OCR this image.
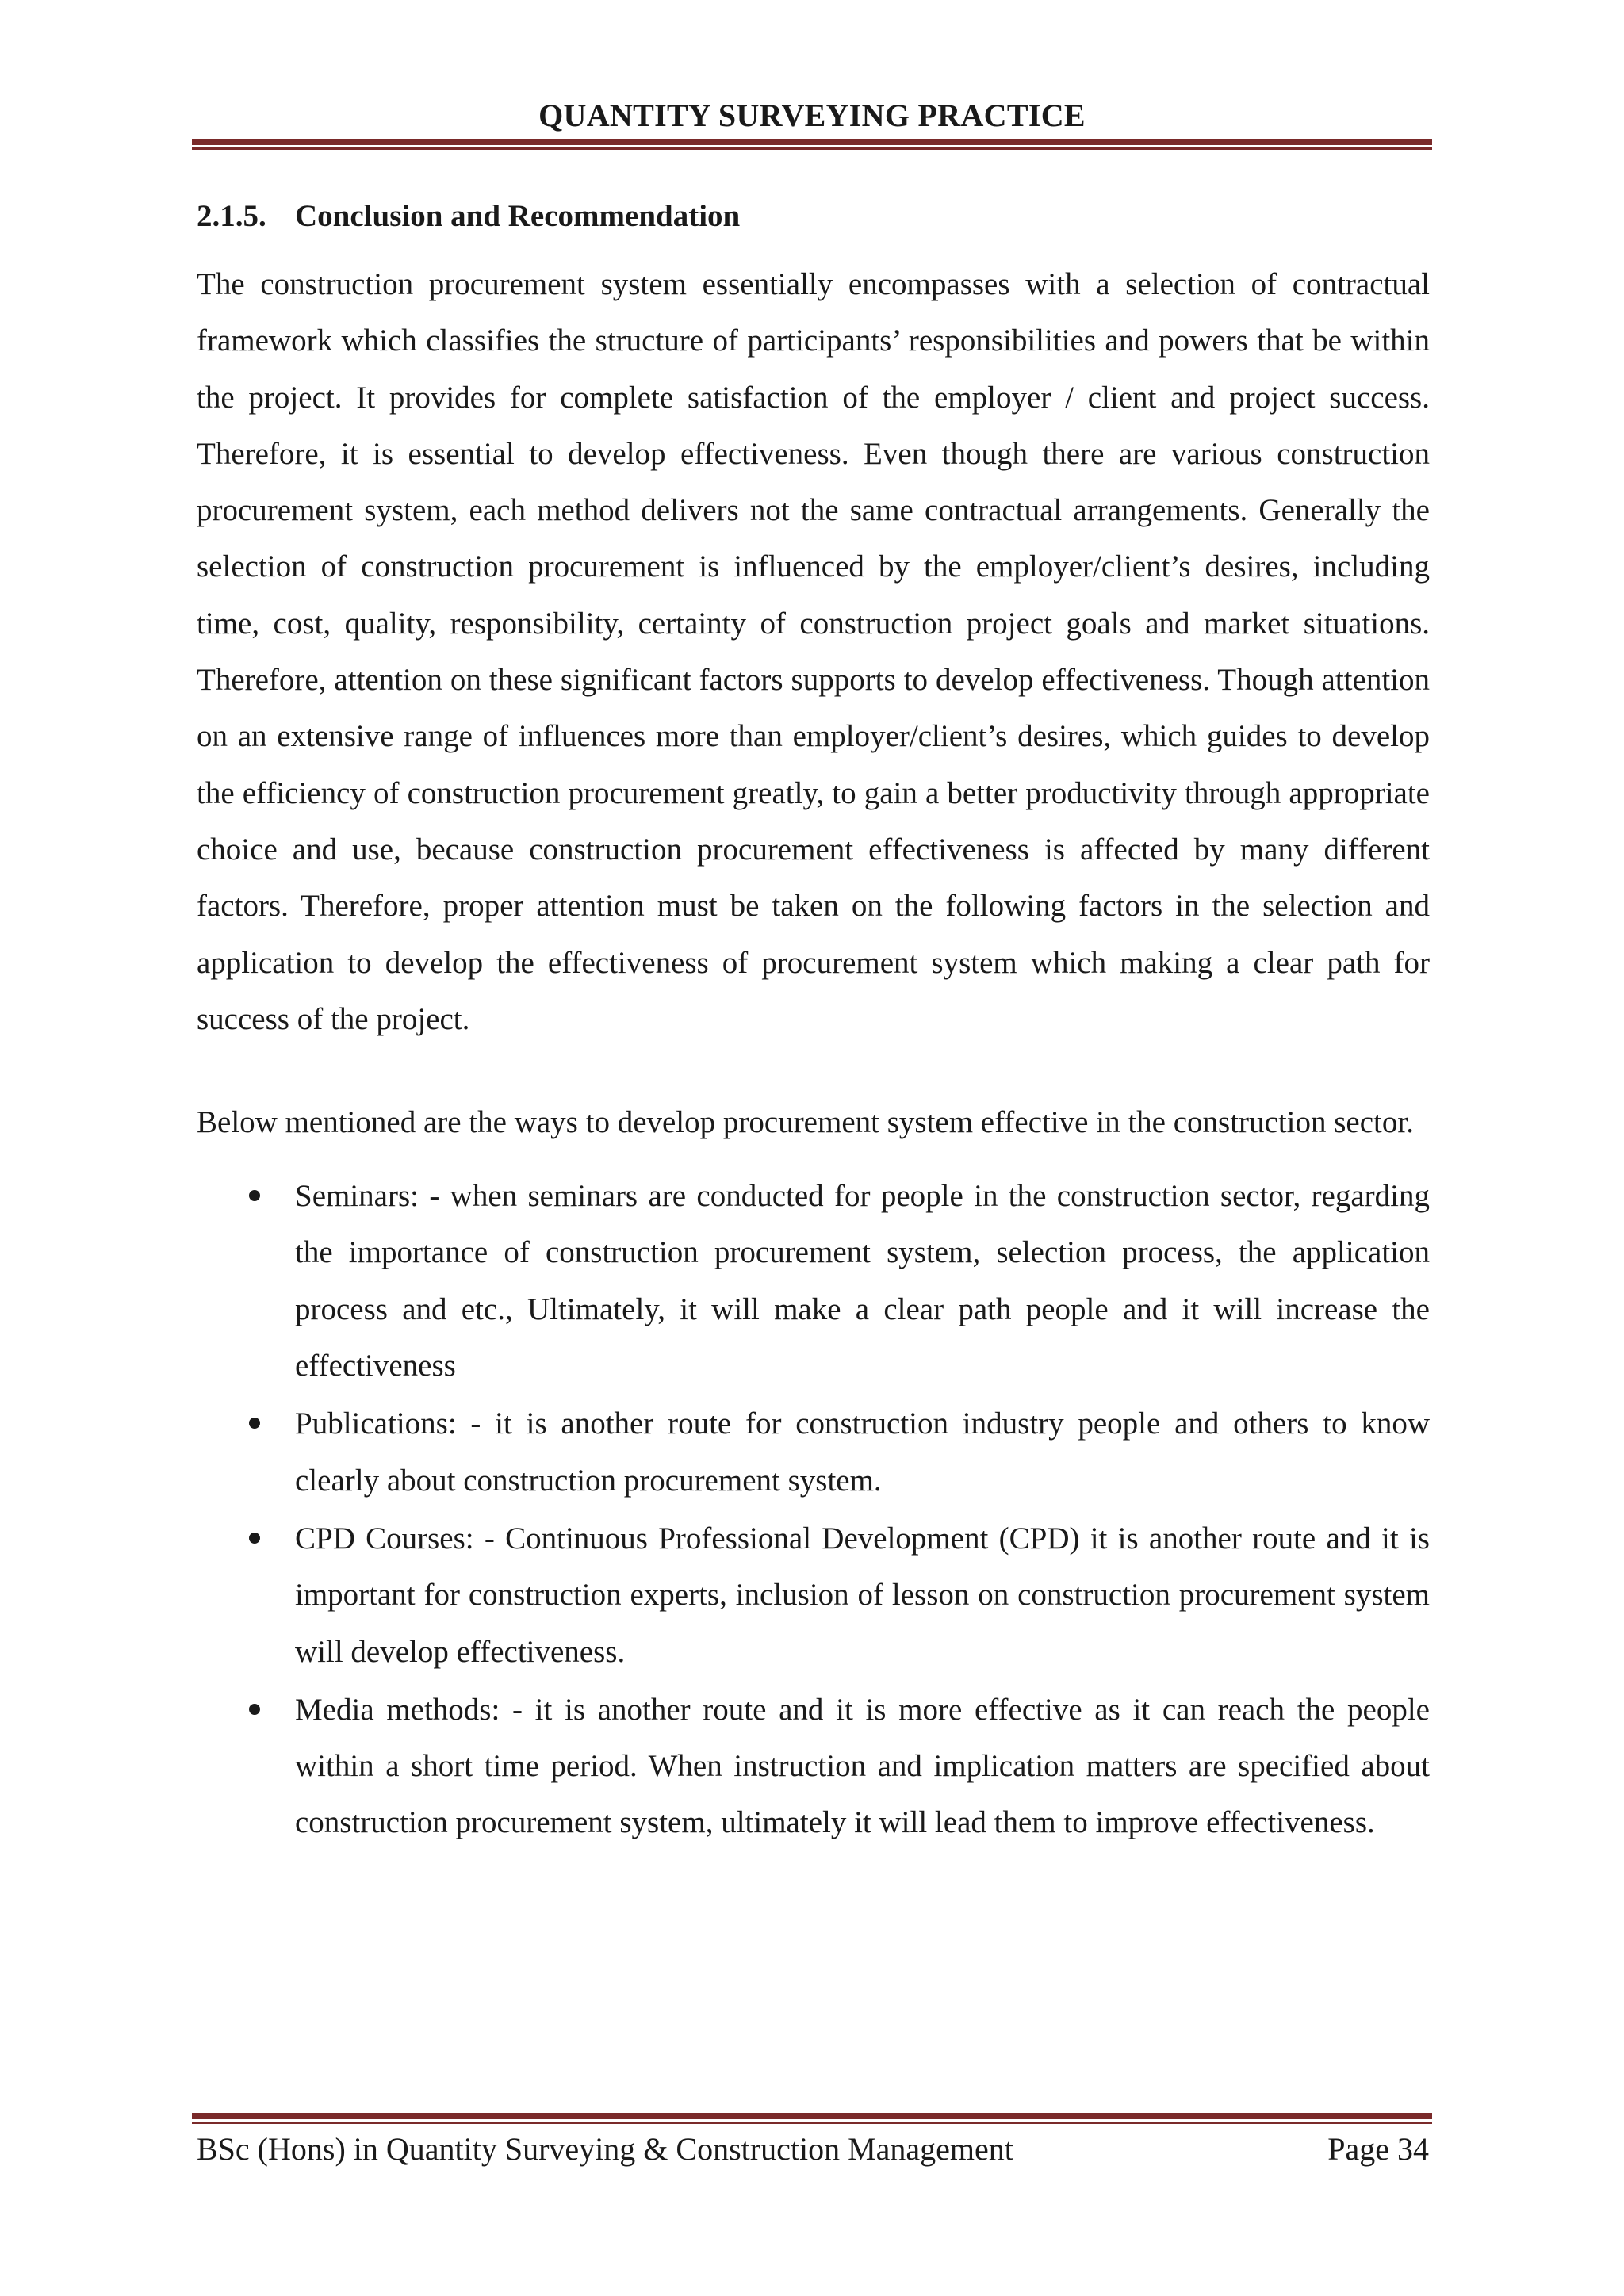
QUANTITY SURVEYING PRACTICE
2.1.5. Conclusion and Recommendation

The construction procurement system essentially encompasses with a selection of contractual framework which classifies the structure of participants’ responsibilities and powers that be within the project. It provides for complete satisfaction of the employer / client and project success. Therefore, it is essential to develop effectiveness. Even though there are various construction procurement system, each method delivers not the same contractual arrangements. Generally the selection of construction procurement is influenced by the employer/client’s desires, including time, cost, quality, responsibility, certainty of construction project goals and market situations. Therefore, attention on these significant factors supports to develop effectiveness. Though attention on an extensive range of influences more than employer/client’s desires, which guides to develop the efficiency of construction procurement greatly, to gain a better productivity through appropriate choice and use, because construction procurement effectiveness is affected by many different factors. Therefore, proper attention must be taken on the following factors in the selection and application to develop the effectiveness of procurement system which making a clear path for success of the project.

Below mentioned are the ways to develop procurement system effective in the construction sector.

Seminars: - when seminars are conducted for people in the construction sector, regarding the importance of construction procurement system, selection process, the application process and etc., Ultimately, it will make a clear path people and it will increase the effectiveness
Publications: - it is another route for construction industry people and others to know clearly about construction procurement system.
CPD Courses: - Continuous Professional Development (CPD) it is another route and it is important for construction experts, inclusion of lesson on construction procurement system will develop effectiveness.
Media methods: - it is another route and it is more effective as it can reach the people within a short time period. When instruction and implication matters are specified about construction procurement system, ultimately it will lead them to improve effectiveness.
BSc (Hons) in Quantity Surveying & Construction Management	Page 34
